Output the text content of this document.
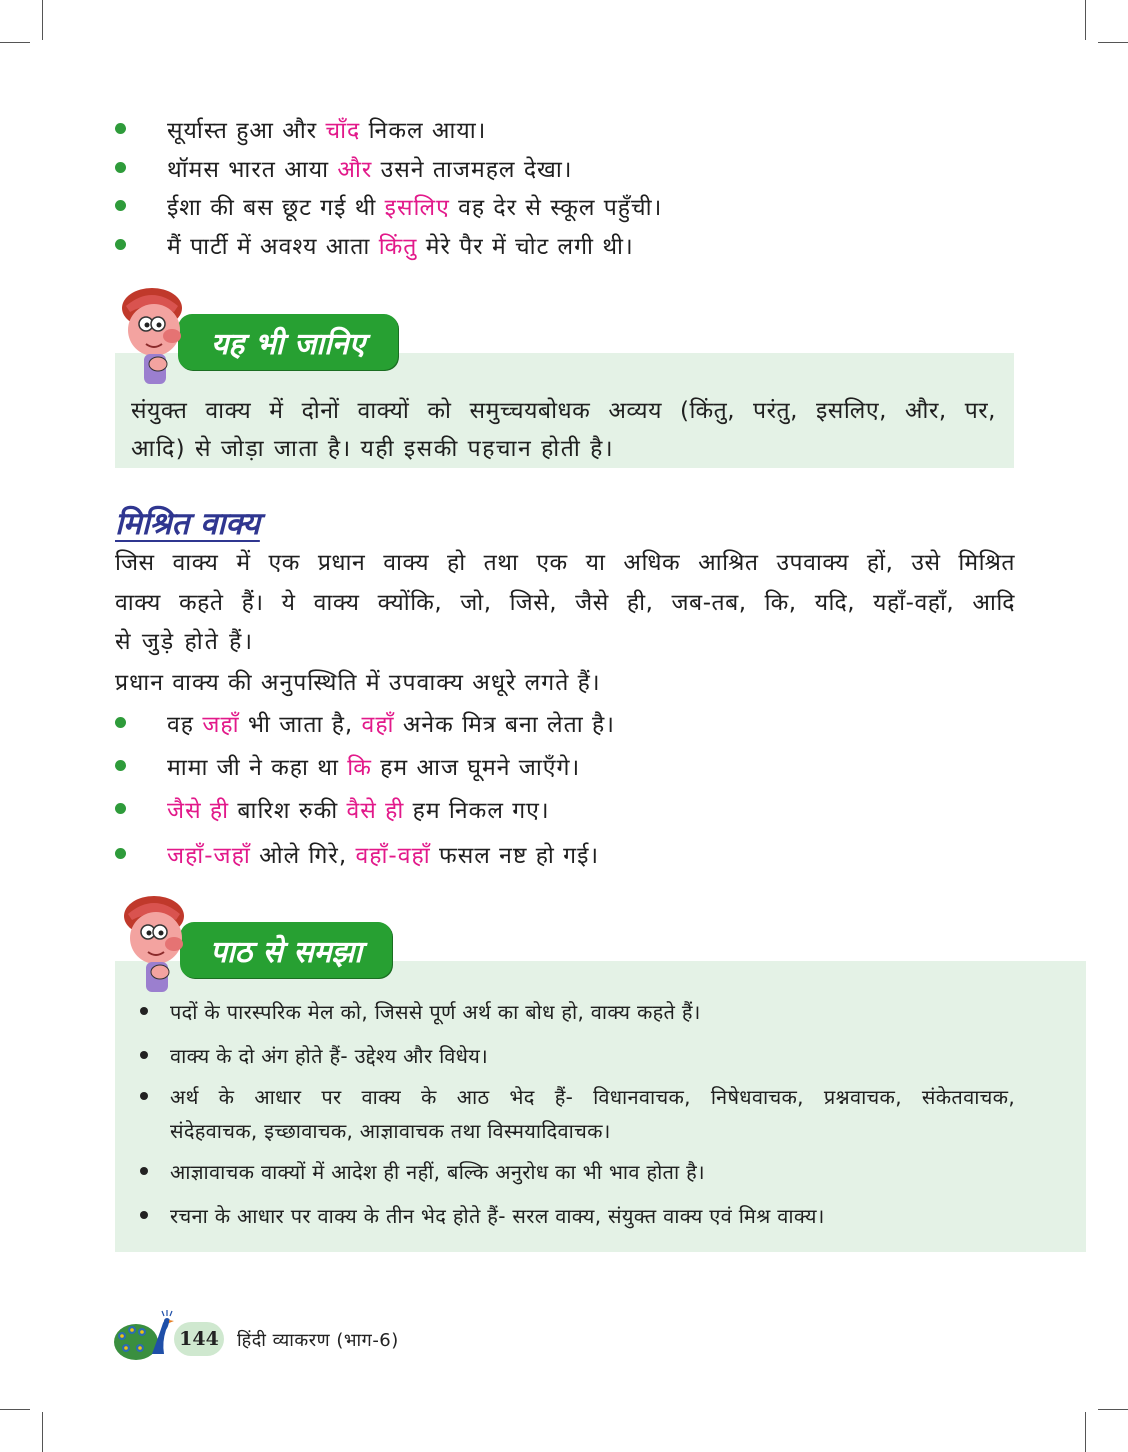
सूर्यास्त हुआ और चाँद निकल आया।
थॉमस भारत आया और उसने ताजमहल देखा।
ईशा की बस छूट गई थी इसलिए वह देर से स्कूल पहुँची।
मैं पार्टी में अवश्य आता किंतु मेरे पैर में चोट लगी थी।
यह भी जानिए
संयुक्त वाक्य में दोनों वाक्यों को समुच्चयबोधक अव्यय (किंतु, परंतु, इसलिए, और, पर,
आदि) से जोड़ा जाता है। यही इसकी पहचान होती है।
मिश्रित वाक्य
जिस वाक्य में एक प्रधान वाक्य हो तथा एक या अधिक आश्रित उपवाक्य हों, उसे मिश्रित
वाक्य कहते हैं। ये वाक्य क्योंकि, जो, जिसे, जैसे ही, जब-तब, कि, यदि, यहाँ-वहाँ, आदि
से जुड़े होते हैं।
प्रधान वाक्य की अनुपस्थिति में उपवाक्य अधूरे लगते हैं।
वह जहाँ भी जाता है, वहाँ अनेक मित्र बना लेता है।
मामा जी ने कहा था कि हम आज घूमने जाएँगे।
जैसे ही बारिश रुकी वैसे ही हम निकल गए।
जहाँ-जहाँ ओले गिरे, वहाँ-वहाँ फसल नष्ट हो गई।
पाठ से समझा
पदों के पारस्परिक मेल को, जिससे पूर्ण अर्थ का बोध हो, वाक्य कहते हैं।
वाक्य के दो अंग होते हैं- उद्देश्य और विधेय।
अर्थ के आधार पर वाक्य के आठ भेद हैं- विधानवाचक, निषेधवाचक, प्रश्नवाचक, संकेतवाचक,
संदेहवाचक, इच्छावाचक, आज्ञावाचक तथा विस्मयादिवाचक।
आज्ञावाचक वाक्यों में आदेश ही नहीं, बल्कि अनुरोध का भी भाव होता है।
रचना के आधार पर वाक्य के तीन भेद होते हैं- सरल वाक्य, संयुक्त वाक्य एवं मिश्र वाक्य।
144 हिंदी व्याकरण (भाग-6)
